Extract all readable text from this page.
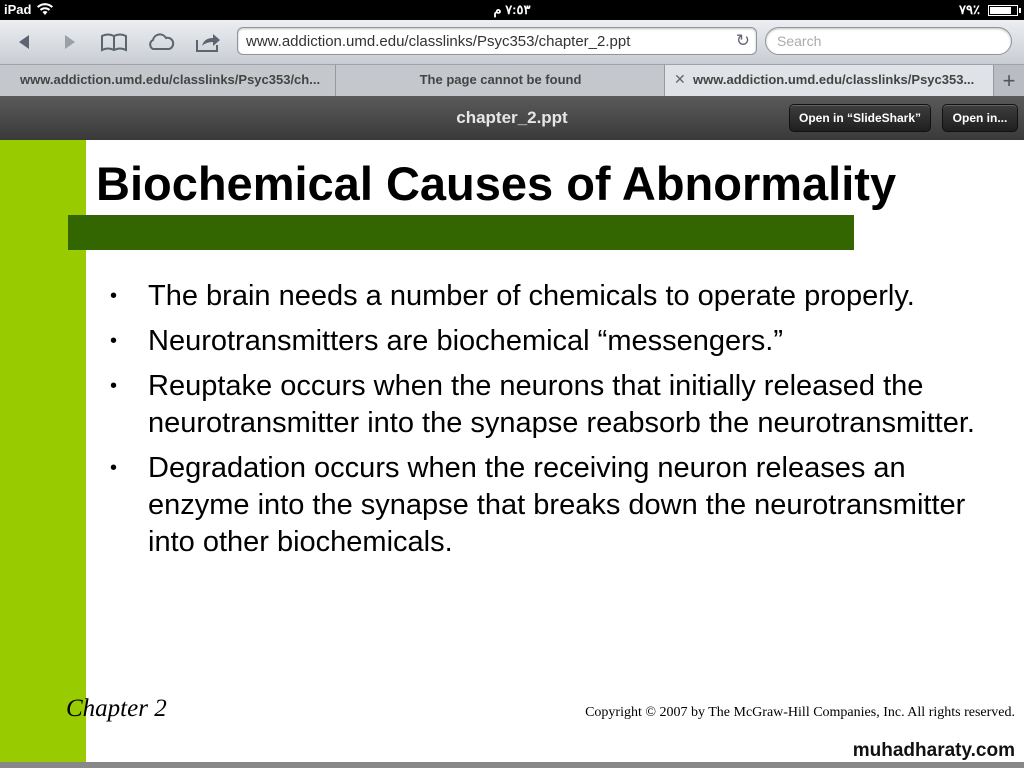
iPad	٧:٥٣ م	٧٩٪
www.addiction.umd.edu/classlinks/Psyc353/chapter_2.ppt	↻ Search
www.addiction.umd.edu/classlinks/Psyc353/ch...	The page cannot be found	✕ www.addiction.umd.edu/classlinks/Psyc353...	+
chapter_2.ppt	Open in “SlideShark”	Open in...
Biochemical Causes of Abnormality
• The brain needs a number of chemicals to operate properly.
• Neurotransmitters are biochemical “messengers.”
• Reuptake occurs when the neurons that initially released the neurotransmitter into the synapse reabsorb the neurotransmitter.
• Degradation occurs when the receiving neuron releases an enzyme into the synapse that breaks down the neurotransmitter into other biochemicals.
Chapter 2	Copyright © 2007 by The McGraw-Hill Companies, Inc. All rights reserved.
muhadharaty.com
